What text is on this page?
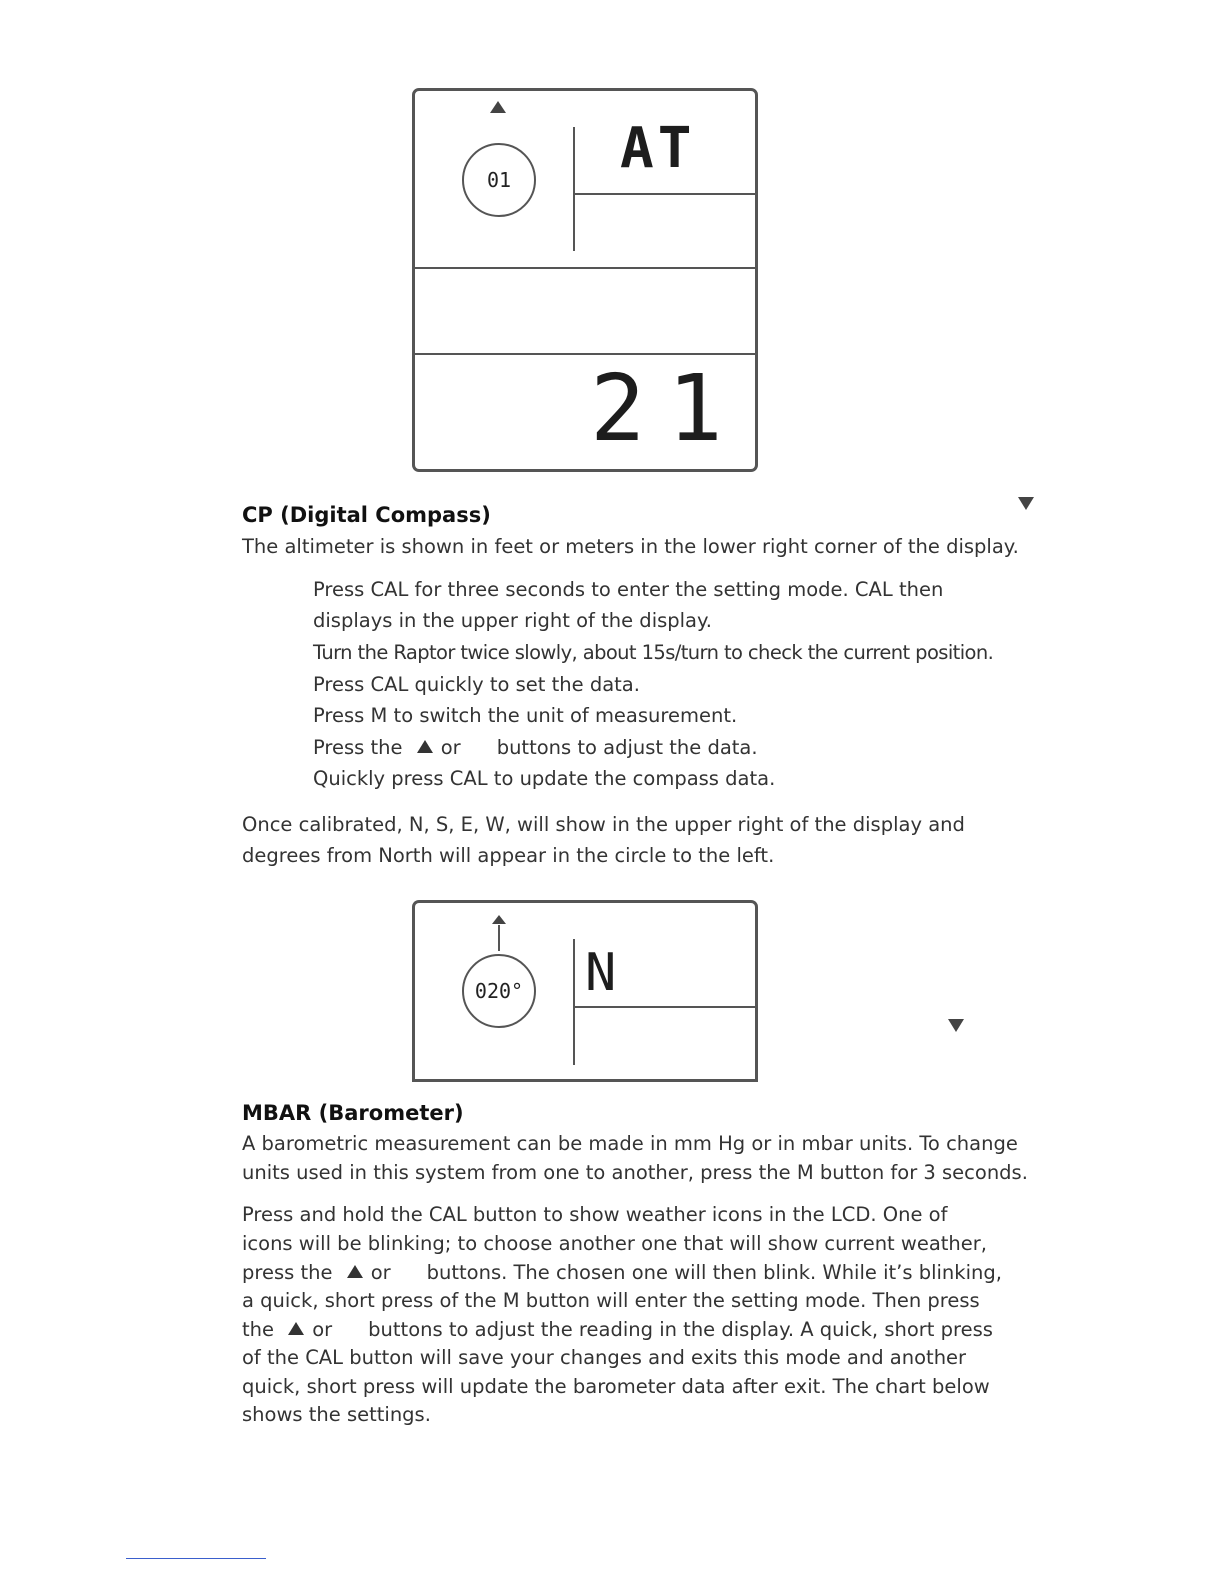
01 AT
21
CP (Digital Compass)
The altimeter is shown in feet or meters in the lower right corner of the display.
Press CAL for three seconds to enter the setting mode. CAL then
displays in the upper right of the display.
Turn the Raptor twice slowly, about 15s/turn to check the current position.
Press CAL quickly to set the data.
Press M to switch the unit of measurement.
Press the or buttons to adjust the data.
Quickly press CAL to update the compass data.
Once calibrated, N, S, E, W, will show in the upper right of the display and
degrees from North will appear in the circle to the left.
020° N
MBAR (Barometer)
A barometric measurement can be made in mm Hg or in mbar units. To change
units used in this system from one to another, press the M button for 3 seconds.
Press and hold the CAL button to show weather icons in the LCD. One of
icons will be blinking; to choose another one that will show current weather,
press the or buttons. The chosen one will then blink. While it’s blinking,
a quick, short press of the M button will enter the setting mode. Then press
the or buttons to adjust the reading in the display. A quick, short press
of the CAL button will save your changes and exits this mode and another
quick, short press will update the barometer data after exit. The chart below
shows the settings.
